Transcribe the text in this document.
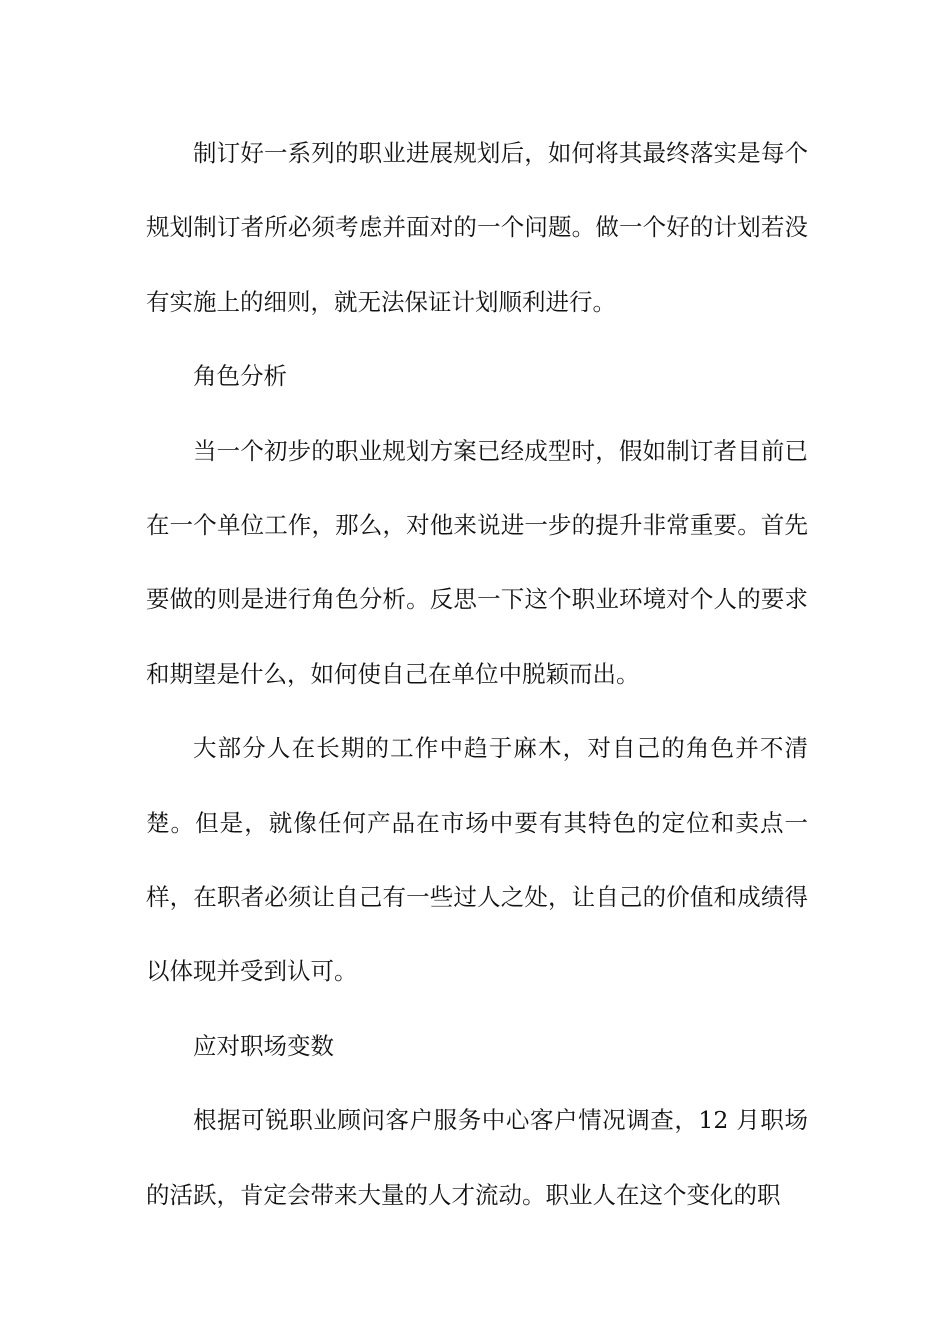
制订好一系列的职业进展规划后，如何将其最终落实是每个规划制订者所必须考虑并面对的一个问题。做一个好的计划若没有实施上的细则，就无法保证计划顺利进行。

角色分析

当一个初步的职业规划方案已经成型时，假如制订者目前已在一个单位工作，那么，对他来说进一步的提升非常重要。首先要做的则是进行角色分析。反思一下这个职业环境对个人的要求和期望是什么，如何使自己在单位中脱颖而出。

大部分人在长期的工作中趋于麻木，对自己的角色并不清楚。但是，就像任何产品在市场中要有其特色的定位和卖点一样，在职者必须让自己有一些过人之处，让自己的价值和成绩得以体现并受到认可。

应对职场变数

根据可锐职业顾问客户服务中心客户情况调查，12 月职场的活跃，肯定会带来大量的人才流动。职业人在这个变化的职
